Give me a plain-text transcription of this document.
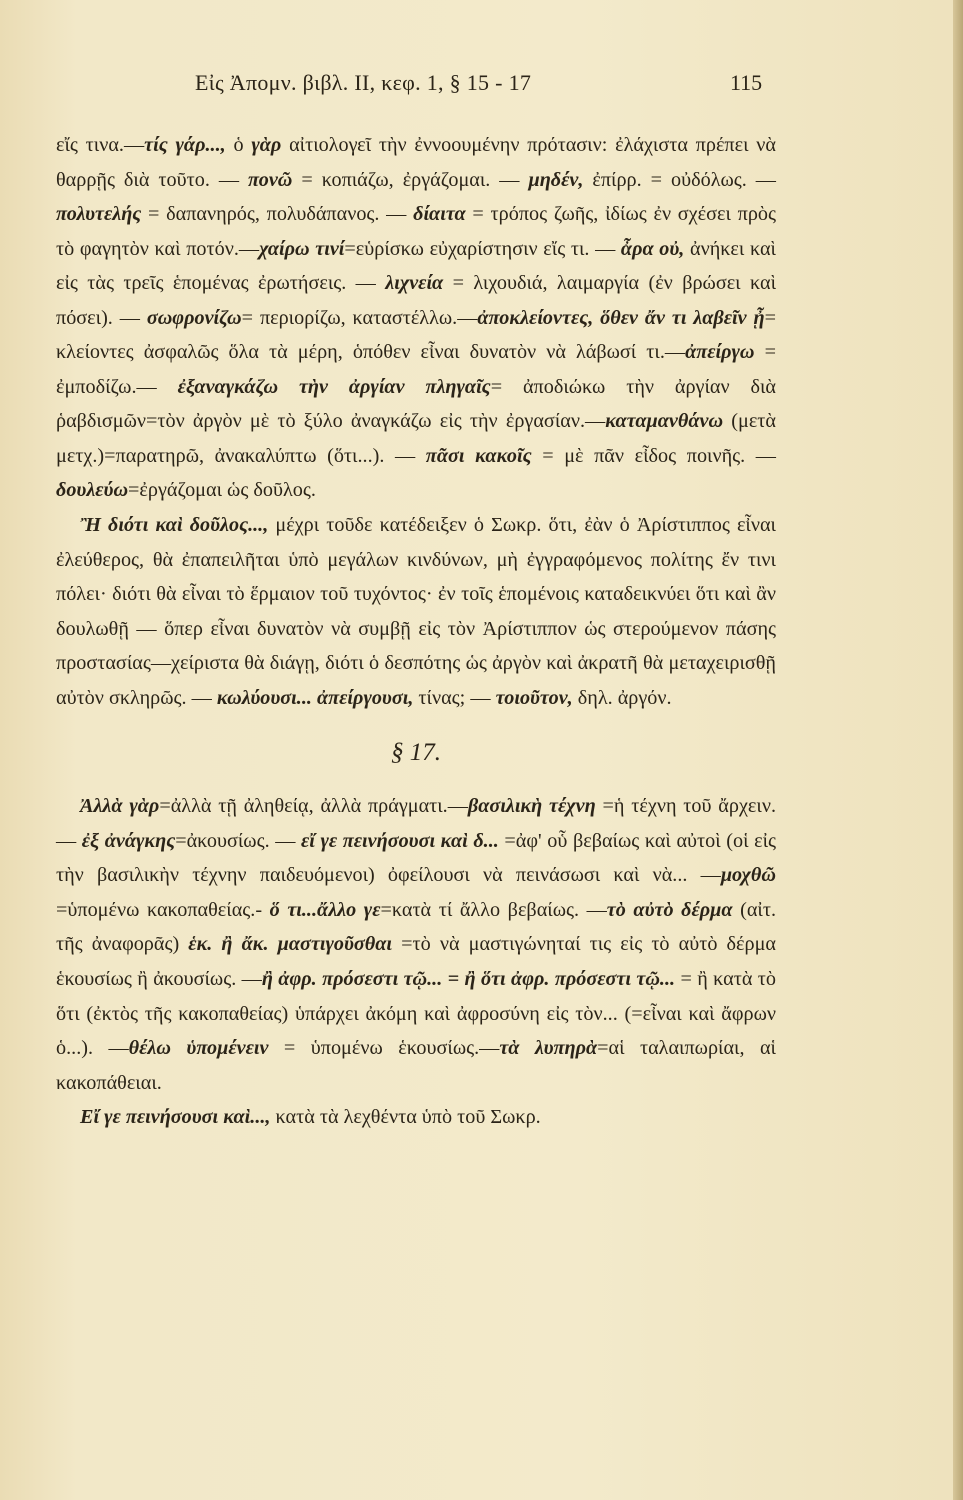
Εἰς Ἀπομν. βιβλ. II, κεφ. 1, § 15 - 17	115

εἴς τινα.—τίς γάρ..., ὁ γὰρ αἰτιολογεῖ τὴν ἐννοουμένην πρότασιν: ἐλάχιστα πρέπει νὰ θαρρῇς διὰ τοῦτο. — πονῶ = κοπιάζω, ἐργάζομαι. — μηδέν, ἐπίρρ. = οὐδόλως. — πολυτελής = δαπανηρός, πολυδάπανος. — δίαιτα = τρόπος ζωῆς, ἰδίως ἐν σχέσει πρὸς τὸ φαγητὸν καὶ ποτόν.—χαίρω τινί=εὑρίσκω εὐχαρίστησιν εἴς τι. — ἆρα οὐ, ἀνήκει καὶ εἰς τὰς τρεῖς ἑπομένας ἐρωτήσεις. — λιχνεία = λιχουδιά, λαιμαργία (ἐν βρώσει καὶ πόσει). — σωφρονίζω= περιορίζω, καταστέλλω.—ἀποκλείοντες, ὅθεν ἄν τι λαβεῖν ᾖ= κλείοντες ἀσφαλῶς ὅλα τὰ μέρη, ὁπόθεν εἶναι δυνατὸν νὰ λάβωσί τι.—ἀπείργω = ἐμποδίζω.— ἐξαναγκάζω τὴν ἀργίαν πληγαῖς= ἀποδιώκω τὴν ἀργίαν διὰ ῥαβδισμῶν=τὸν ἀργὸν μὲ τὸ ξύλο ἀναγκάζω εἰς τὴν ἐργασίαν.—καταμανθάνω (μετὰ μετχ.)=παρατηρῶ, ἀνακαλύπτω (ὅτι...). — πᾶσι κακοῖς = μὲ πᾶν εἶδος ποινῆς. — δουλεύω=ἐργάζομαι ὡς δοῦλος.

Ἢ διότι καὶ δοῦλος..., μέχρι τοῦδε κατέδειξεν ὁ Σωκρ. ὅτι, ἐὰν ὁ Ἀρίστιππος εἶναι ἐλεύθερος, θὰ ἐπαπειλῆται ὑπὸ μεγάλων κινδύνων, μὴ ἐγγραφόμενος πολίτης ἔν τινι πόλει· διότι θὰ εἶναι τὸ ἕρμαιον τοῦ τυχόντος· ἐν τοῖς ἑπομένοις καταδεικνύει ὅτι καὶ ἂν δουλωθῇ — ὅπερ εἶναι δυνατὸν νὰ συμβῇ εἰς τὸν Ἀρίστιππον ὡς στερούμενον πάσης προστασίας—χείριστα θὰ διάγῃ, διότι ὁ δεσπότης ὡς ἀργὸν καὶ ἀκρατῆ θὰ μεταχειρισθῇ αὐτὸν σκληρῶς. — κωλύουσι... ἀπείργουσι, τίνας; — τοιοῦτον, δηλ. ἀργόν.

§ 17.

Ἀλλὰ γὰρ=ἀλλὰ τῇ ἀληθείᾳ, ἀλλὰ πράγματι.—βασιλικὴ τέχνη =ἡ τέχνη τοῦ ἄρχειν. — ἐξ ἀνάγκης=ἀκουσίως. — εἴ γε πεινήσουσι καὶ δ... =ἀφ' οὗ βεβαίως καὶ αὐτοὶ (οἱ εἰς τὴν βασιλικὴν τέχνην παιδευόμενοι) ὀφείλουσι νὰ πεινάσωσι καὶ νὰ... —μοχθῶ =ὑπομένω κακοπαθείας.- ὅ τι...ἄλλο γε=κατὰ τί ἄλλο βεβαίως. —τὸ αὐτὸ δέρμα (αἰτ. τῆς ἀναφορᾶς) ἑκ. ἢ ἄκ. μαστιγοῦσθαι =τὸ νὰ μαστιγώνηταί τις εἰς τὸ αὐτὸ δέρμα ἑκουσίως ἢ ἀκουσίως. —ἢ ἀφρ. πρόσεστι τῷ... = ἢ ὅτι ἀφρ. πρόσεστι τῷ... = ἢ κατὰ τὸ ὅτι (ἐκτὸς τῆς κακοπαθείας) ὑπάρχει ἀκόμη καὶ ἀφροσύνη εἰς τὸν... (=εἶναι καὶ ἄφρων ὁ...). —θέλω ὑπομένειν = ὑπομένω ἑκουσίως.—τὰ λυπηρὰ=αἱ ταλαιπωρίαι, αἱ κακοπάθειαι.

Εἴ γε πεινήσουσι καὶ..., κατὰ τὰ λεχθέντα ὑπὸ τοῦ Σωκρ.
